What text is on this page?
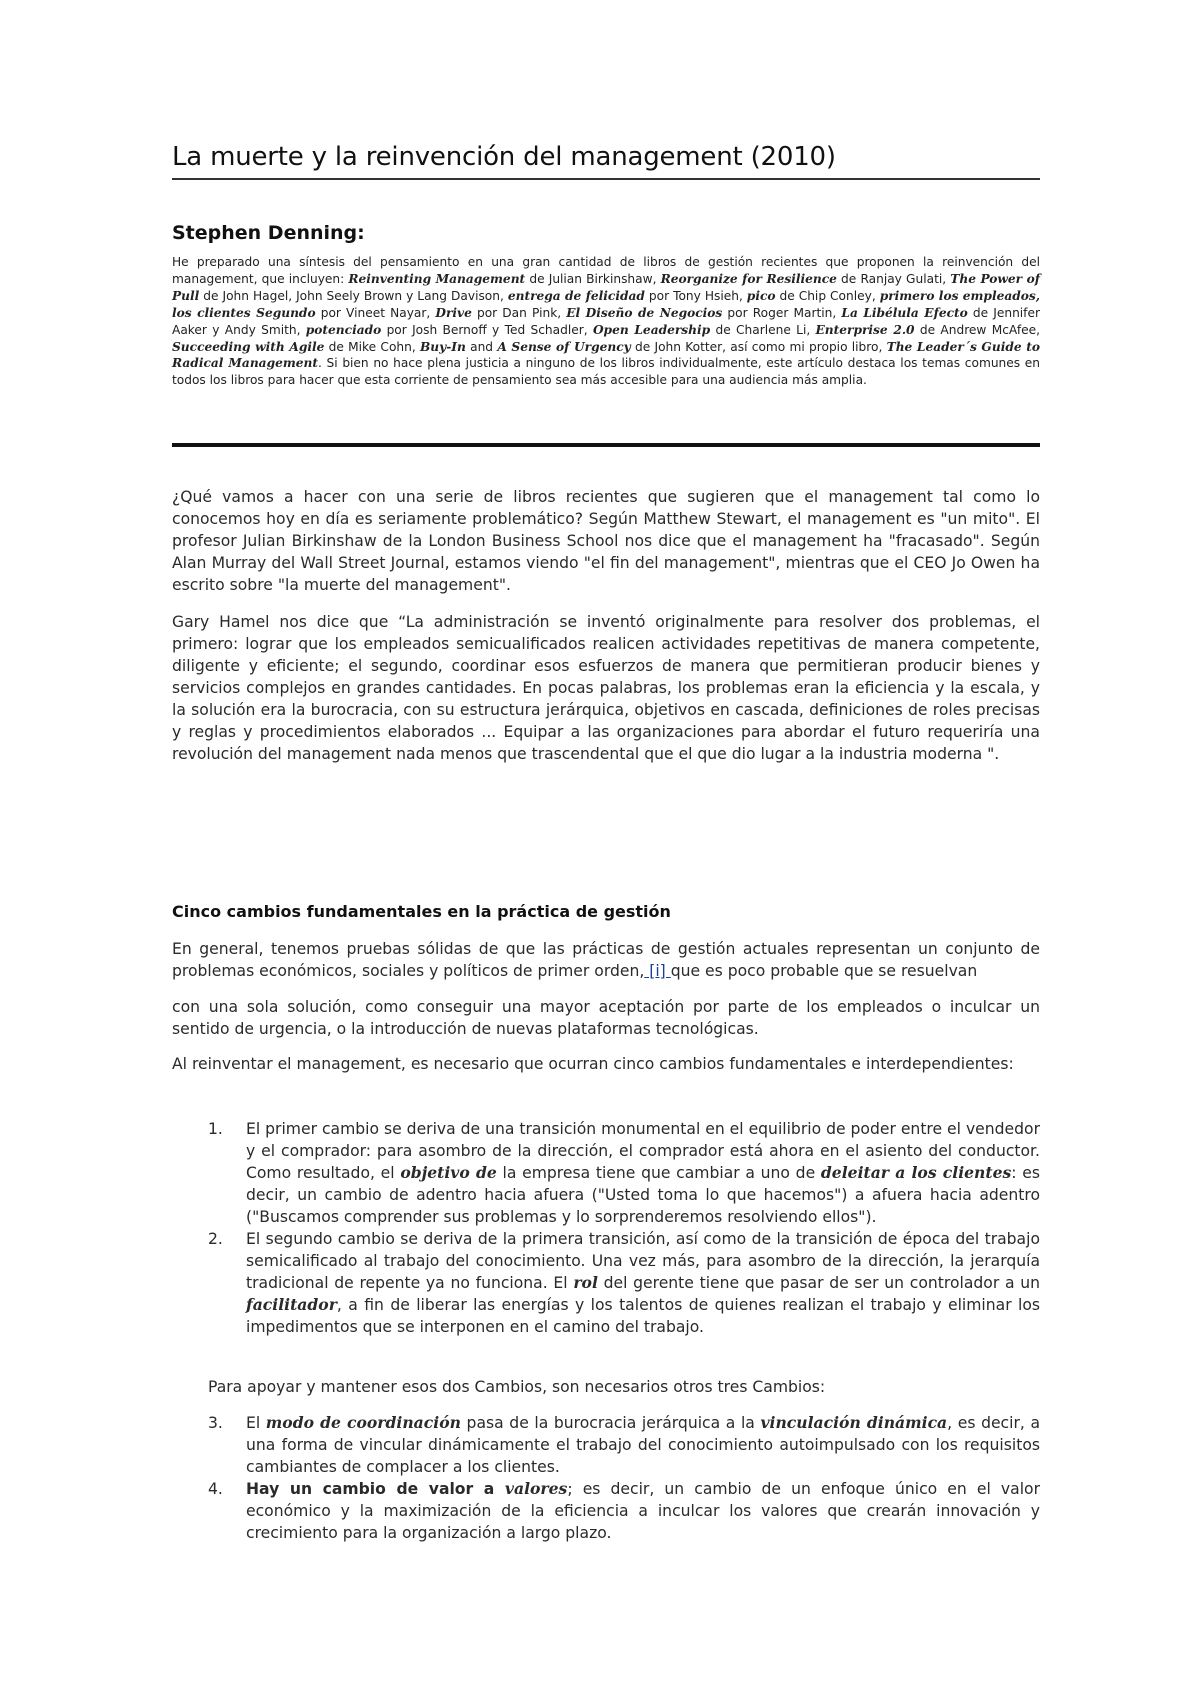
La muerte y la reinvención del management (2010)
Stephen Denning:

He preparado una síntesis del pensamiento en una gran cantidad de libros de gestión recientes que proponen la reinvención del management, que incluyen: Reinventing Management de Julian Birkinshaw, Reorganize for Resilience de Ranjay Gulati, The Power of Pull de John Hagel, John Seely Brown y Lang Davison, entrega de felicidad por Tony Hsieh, pico de Chip Conley, primero los empleados, los clientes Segundo por Vineet Nayar, Drive por Dan Pink, El Diseño de Negocios por Roger Martin, La Libélula Efecto de Jennifer Aaker y Andy Smith, potenciado por Josh Bernoff y Ted Schadler, Open Leadership de Charlene Li, Enterprise 2.0 de Andrew McAfee, Succeeding with Agile de Mike Cohn, Buy-In and A Sense of Urgency de John Kotter, así como mi propio libro, The Leader´s Guide to Radical Management. Si bien no hace plena justicia a ninguno de los libros individualmente, este artículo destaca los temas comunes en todos los libros para hacer que esta corriente de pensamiento sea más accesible para una audiencia más amplia.

¿Qué vamos a hacer con una serie de libros recientes que sugieren que el management tal como lo conocemos hoy en día es seriamente problemático? Según Matthew Stewart, el management es "un mito". El profesor Julian Birkinshaw de la London Business School nos dice que el management ha "fracasado". Según Alan Murray del Wall Street Journal, estamos viendo "el fin del management", mientras que el CEO Jo Owen ha escrito sobre "la muerte del management".

Gary Hamel nos dice que “La administración se inventó originalmente para resolver dos problemas, el primero: lograr que los empleados semicualificados realicen actividades repetitivas de manera competente, diligente y eficiente; el segundo, coordinar esos esfuerzos de manera que permitieran producir bienes y servicios complejos en grandes cantidades. En pocas palabras, los problemas eran la eficiencia y la escala, y la solución era la burocracia, con su estructura jerárquica, objetivos en cascada, definiciones de roles precisas y reglas y procedimientos elaborados ... Equipar a las organizaciones para abordar el futuro requeriría una revolución del management nada menos que trascendental que el que dio lugar a la industria moderna ".

Cinco cambios fundamentales en la práctica de gestión

En general, tenemos pruebas sólidas de que las prácticas de gestión actuales representan un conjunto de problemas económicos, sociales y políticos de primer orden, [i] que es poco probable que se resuelvan

con una sola solución, como conseguir una mayor aceptación por parte de los empleados o inculcar un sentido de urgencia, o la introducción de nuevas plataformas tecnológicas.

Al reinventar el management, es necesario que ocurran cinco cambios fundamentales e interdependientes:

1. El primer cambio se deriva de una transición monumental en el equilibrio de poder entre el vendedor y el comprador: para asombro de la dirección, el comprador está ahora en el asiento del conductor. Como resultado, el objetivo de la empresa tiene que cambiar a uno de deleitar a los clientes: es decir, un cambio de adentro hacia afuera ("Usted toma lo que hacemos") a afuera hacia adentro ("Buscamos comprender sus problemas y lo sorprenderemos resolviendo ellos").
2. El segundo cambio se deriva de la primera transición, así como de la transición de época del trabajo semicalificado al trabajo del conocimiento. Una vez más, para asombro de la dirección, la jerarquía tradicional de repente ya no funciona. El rol del gerente tiene que pasar de ser un controlador a un facilitador, a fin de liberar las energías y los talentos de quienes realizan el trabajo y eliminar los impedimentos que se interponen en el camino del trabajo.

Para apoyar y mantener esos dos Cambios, son necesarios otros tres Cambios:

3. El modo de coordinación pasa de la burocracia jerárquica a la vinculación dinámica, es decir, a una forma de vincular dinámicamente el trabajo del conocimiento autoimpulsado con los requisitos cambiantes de complacer a los clientes.
4. Hay un cambio de valor a valores; es decir, un cambio de un enfoque único en el valor económico y la maximización de la eficiencia a inculcar los valores que crearán innovación y crecimiento para la organización a largo plazo.
